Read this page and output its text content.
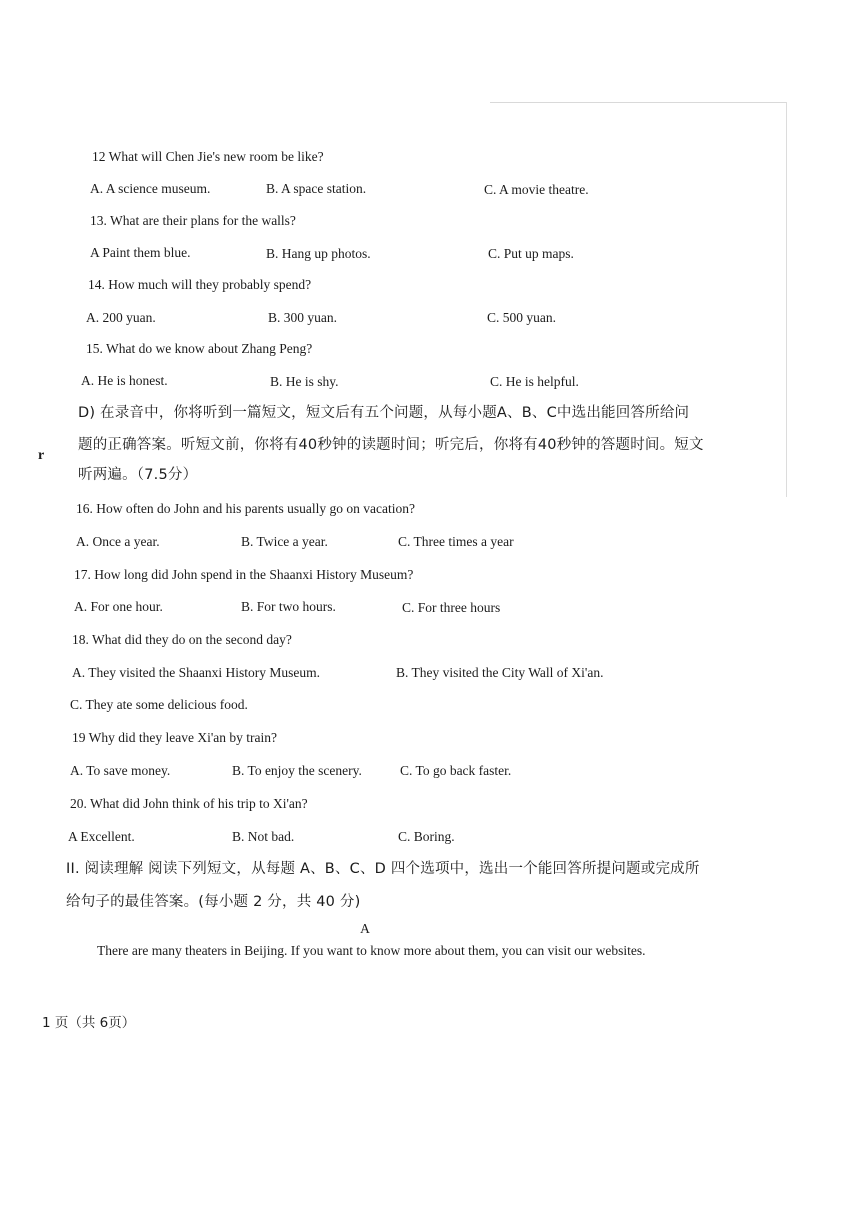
12 What will Chen Jie's new room be like?
A. A science museum.	B. A space station.	C. A movie theatre.
13. What are their plans for the walls?
A Paint them blue.	B. Hang up photos.	C. Put up maps.
14. How much will they probably spend?
A. 200 yuan.	B. 300 yuan.	C. 500 yuan.
15. What do we know about Zhang Peng?
A. He is honest.	B. He is shy.	C. He is helpful.
D) 在录音中，你将听到一篇短文，短文后有五个问题，从每小题A、B、C中选出能回答所给问
r
题的正确答案。听短文前，你将有40秒钟的读题时间；听完后，你将有40秒钟的答题时间。短文
听两遍。（7.5分）
16. How often do John and his parents usually go on vacation?
A. Once a year.	B. Twice a year.	C. Three times a year
17. How long did John spend in the Shaanxi History Museum?
A. For one hour.	B. For two hours.	C. For three hours
18. What did they do on the second day?
A. They visited the Shaanxi History Museum.	B. They visited the City Wall of Xi'an.
C. They ate some delicious food.
19 Why did they leave Xi'an by train?
A. To save money.	B. To enjoy the scenery.	C. To go back faster.
20. What did John think of his trip to Xi'an?
A Excellent.	B. Not bad.	C. Boring.
II. 阅读理解 阅读下列短文，从每题 A、B、C、D 四个选项中，选出一个能回答所提问题或完成所
给句子的最佳答案。(每小题 2 分，共 40 分)
A
There are many theaters in Beijing. If you want to know more about them, you can visit our websites.
1 页（共 6页）
